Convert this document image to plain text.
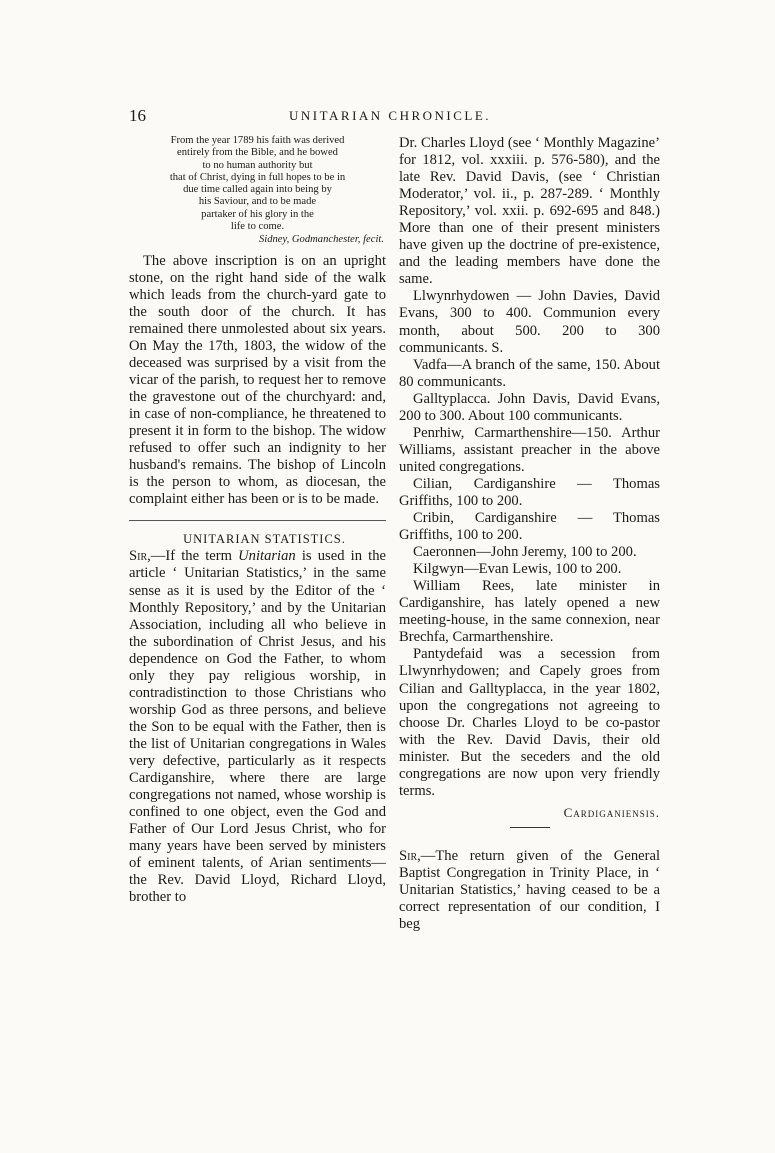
16	UNITARIAN CHRONICLE.
From the year 1789 his faith was derived
entirely from the Bible, and he bowed
to no human authority but
that of Christ, dying in full hopes to be in
due time called again into being by
his Saviour, and to be made
partaker of his glory in the
life to come.
Sidney, Godmanchester, fecit.

The above inscription is on an upright stone, on the right hand side of the walk which leads from the church-yard gate to the south door of the church. It has remained there unmolested about six years. On May the 17th, 1803, the widow of the deceased was surprised by a visit from the vicar of the parish, to request her to remove the gravestone out of the churchyard: and, in case of non-compliance, he threatened to present it in form to the bishop. The widow refused to offer such an indignity to her husband's remains. The bishop of Lincoln is the person to whom, as diocesan, the complaint either has been or is to be made.

UNITARIAN STATISTICS.

Sir,—If the term Unitarian is used in the article ‘ Unitarian Statistics,’ in the same sense as it is used by the Editor of the ‘ Monthly Repository,’ and by the Unitarian Association, including all who believe in the subordination of Christ Jesus, and his dependence on God the Father, to whom only they pay religious worship, in contradistinction to those Christians who worship God as three persons, and believe the Son to be equal with the Father, then is the list of Unitarian congregations in Wales very defective, particularly as it respects Cardiganshire, where there are large congregations not named, whose worship is confined to one object, even the God and Father of Our Lord Jesus Christ, who for many years have been served by ministers of eminent talents, of Arian sentiments—the Rev. David Lloyd, Richard Lloyd, brother to

Dr. Charles Lloyd (see ‘ Monthly Magazine’ for 1812, vol. xxxiii. p. 576-580), and the late Rev. David Davis, (see ‘ Christian Moderator,’ vol. ii., p. 287-289. ‘ Monthly Repository,’ vol. xxii. p. 692-695 and 848.) More than one of their present ministers have given up the doctrine of pre-existence, and the leading members have done the same.

Llwynrhydowen — John Davies, David Evans, 300 to 400. Communion every month, about 500. 200 to 300 communicants. S.

Vadfa—A branch of the same, 150. About 80 communicants.

Galltyplacca. John Davis, David Evans, 200 to 300. About 100 communicants.

Penrhiw, Carmarthenshire—150. Arthur Williams, assistant preacher in the above united congregations.

Cilian, Cardiganshire — Thomas Griffiths, 100 to 200.

Cribin, Cardiganshire — Thomas Griffiths, 100 to 200.

Caeronnen—John Jeremy, 100 to 200.

Kilgwyn—Evan Lewis, 100 to 200.

William Rees, late minister in Cardiganshire, has lately opened a new meeting-house, in the same connexion, near Brechfa, Carmarthenshire.

Pantydefaid was a secession from Llwynrhydowen; and Capely groes from Cilian and Galltyplacca, in the year 1802, upon the congregations not agreeing to choose Dr. Charles Lloyd to be co-pastor with the Rev. David Davis, their old minister. But the seceders and the old congregations are now upon very friendly terms.

Cardiganiensis.

Sir,—The return given of the General Baptist Congregation in Trinity Place, in ‘ Unitarian Statistics,’ having ceased to be a correct representation of our condition, I beg
